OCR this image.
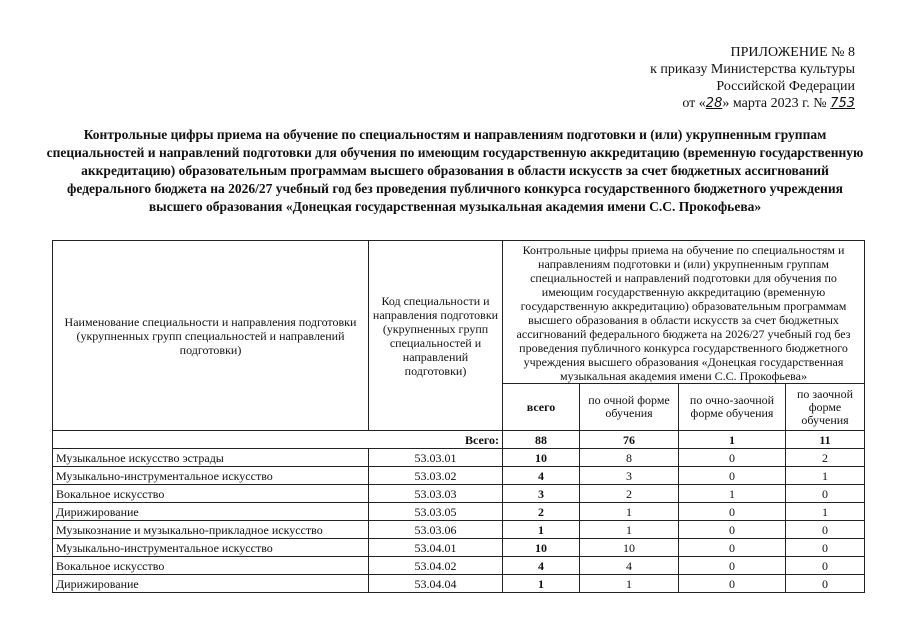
ПРИЛОЖЕНИЕ № 8
к приказу Министерства культуры
Российской Федерации
от «28» марта 2023 г. № 753
Контрольные цифры приема на обучение по специальностям и направлениям подготовки и (или) укрупненным группам специальностей и направлений подготовки для обучения по имеющим государственную аккредитацию (временную государственную аккредитацию) образовательным программам высшего образования в области искусств за счет бюджетных ассигнований федерального бюджета на 2026/27 учебный год без проведения публичного конкурса государственного бюджетного учреждения высшего образования «Донецкая государственная музыкальная академия имени С.С. Прокофьева»
Наименование специальности и направления подготовки (укрупненных групп специальностей и направлений подготовки)	Код специальности и направления подготовки (укрупненных групп специальностей и направлений подготовки)	Контрольные цифры приема на обучение по специальностям и направлениям подготовки и (или) укрупненным группам специальностей и направлений подготовки для обучения по имеющим государственную аккредитацию (временную государственную аккредитацию) образовательным программам высшего образования в области искусств за счет бюджетных ассигнований федерального бюджета на 2026/27 учебный год без проведения публичного конкурса государственного бюджетного учреждения высшего образования «Донецкая государственная музыкальная академия имени С.С. Прокофьева»			
		всего	по очной форме обучения	по очно-заочной форме обучения	по заочной форме обучения
Всего:		88	76	1	11
Музыкальное искусство эстрады	53.03.01	10	8	0	2
Музыкально-инструментальное искусство	53.03.02	4	3	0	1
Вокальное искусство	53.03.03	3	2	1	0
Дирижирование	53.03.05	2	1	0	1
Музыкознание и музыкально-прикладное искусство	53.03.06	1	1	0	0
Музыкально-инструментальное искусство	53.04.01	10	10	0	0
Вокальное искусство	53.04.02	4	4	0	0
Дирижирование	53.04.04	1	1	0	0
